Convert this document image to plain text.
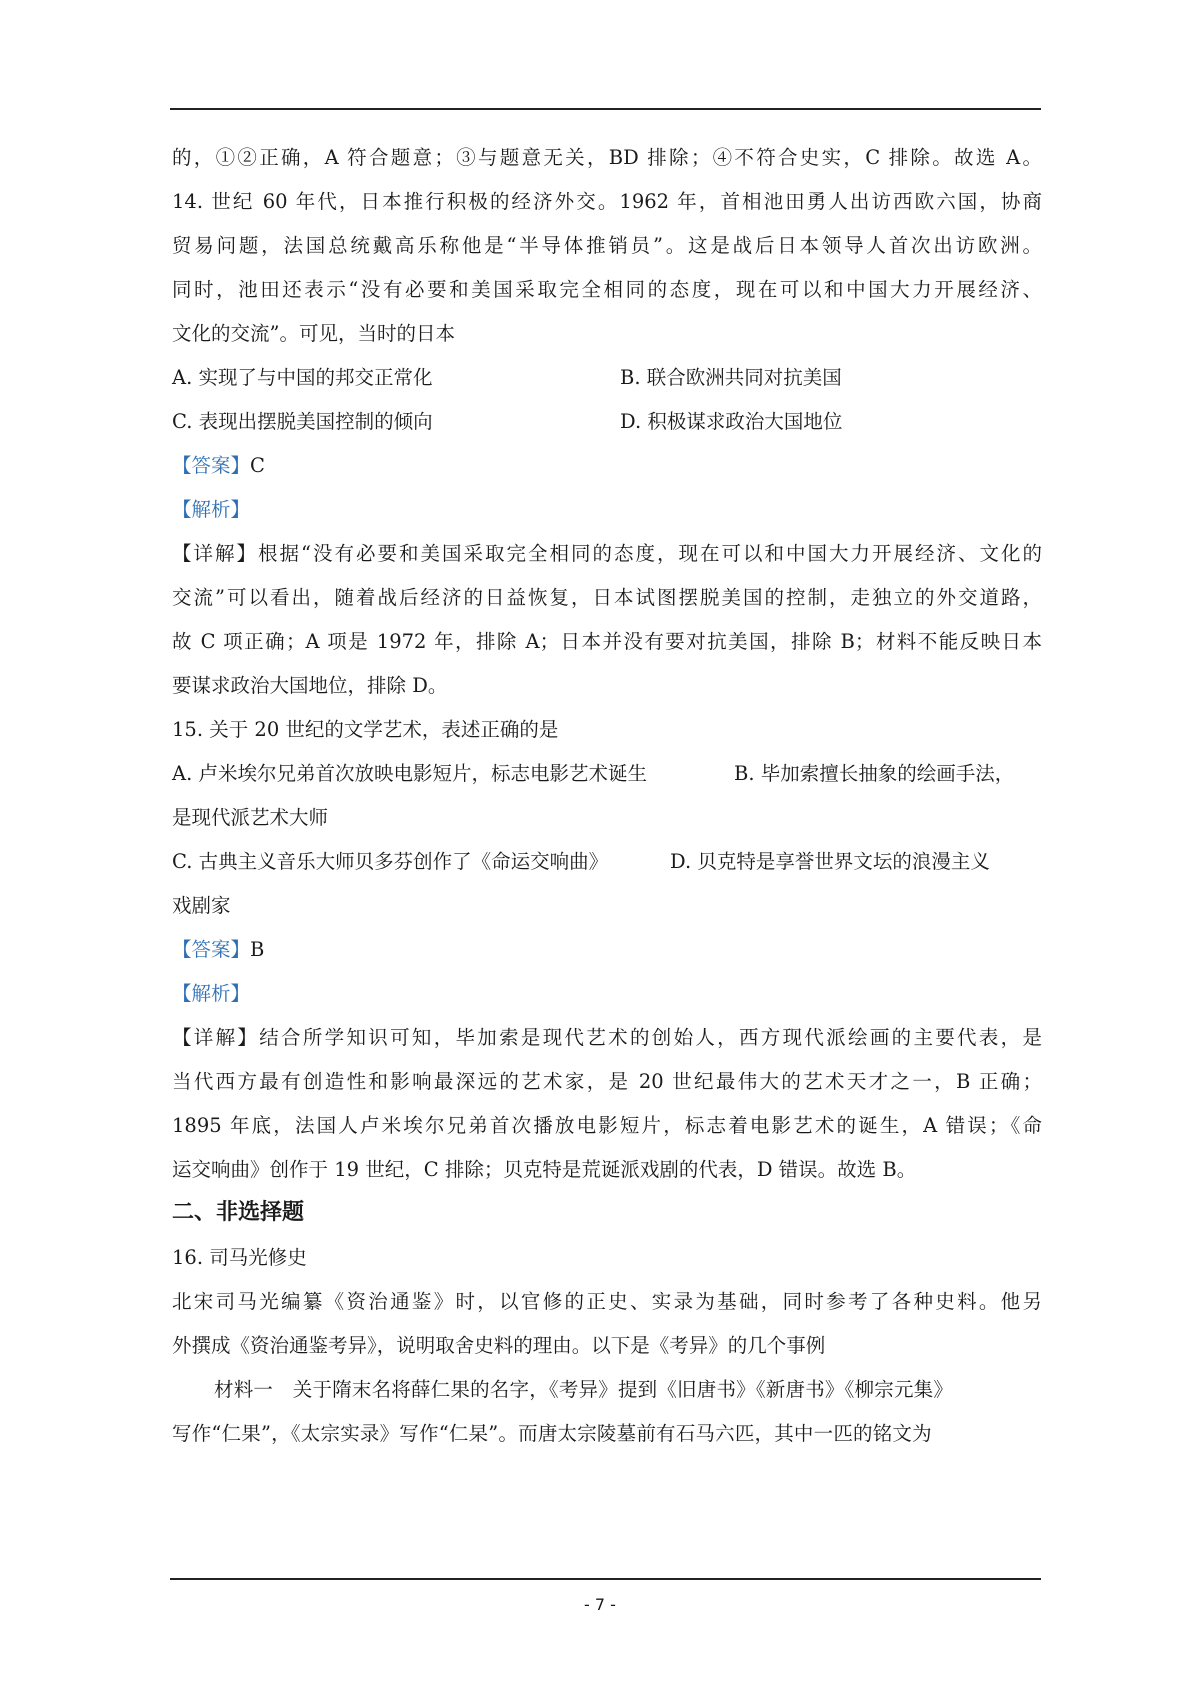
的，①②正确，A 符合题意；③与题意无关，BD 排除；④不符合史实，C 排除。故选 A。
14. 世纪 60 年代，日本推行积极的经济外交。1962 年，首相池田勇人出访西欧六国，协商
贸易问题，法国总统戴高乐称他是“半导体推销员”。这是战后日本领导人首次出访欧洲。
同时，池田还表示“没有必要和美国采取完全相同的态度，现在可以和中国大力开展经济、
文化的交流”。可见，当时的日本
A. 实现了与中国的邦交正常化	B. 联合欧洲共同对抗美国
C. 表现出摆脱美国控制的倾向	D. 积极谋求政治大国地位
【答案】C
【解析】
【详解】根据“没有必要和美国采取完全相同的态度，现在可以和中国大力开展经济、文化的
交流”可以看出，随着战后经济的日益恢复，日本试图摆脱美国的控制，走独立的外交道路，
故 C 项正确；A 项是 1972 年，排除 A；日本并没有要对抗美国，排除 B；材料不能反映日本
要谋求政治大国地位，排除 D。
15. 关于 20 世纪的文学艺术，表述正确的是
A. 卢米埃尔兄弟首次放映电影短片，标志电影艺术诞生	B. 毕加索擅长抽象的绘画手法，
是现代派艺术大师
C. 古典主义音乐大师贝多芬创作了《命运交响曲》	D. 贝克特是享誉世界文坛的浪漫主义
戏剧家
【答案】B
【解析】
【详解】结合所学知识可知，毕加索是现代艺术的创始人，西方现代派绘画的主要代表，是
当代西方最有创造性和影响最深远的艺术家，是 20 世纪最伟大的艺术天才之一，B 正确；
1895 年底，法国人卢米埃尔兄弟首次播放电影短片，标志着电影艺术的诞生，A 错误；《命
运交响曲》创作于 19 世纪，C 排除；贝克特是荒诞派戏剧的代表，D 错误。故选 B。
二、非选择题
16. 司马光修史
北宋司马光编纂《资治通鉴》时，以官修的正史、实录为基础，同时参考了各种史料。他另
外撰成《资治通鉴考异》，说明取舍史料的理由。以下是《考异》的几个事例
材料一　关于隋末名将薛仁果的名字，《考异》提到《旧唐书》《新唐书》《柳宗元集》
写作“仁果”，《太宗实录》写作“仁杲”。而唐太宗陵墓前有石马六匹，其中一匹的铭文为
- 7 -
